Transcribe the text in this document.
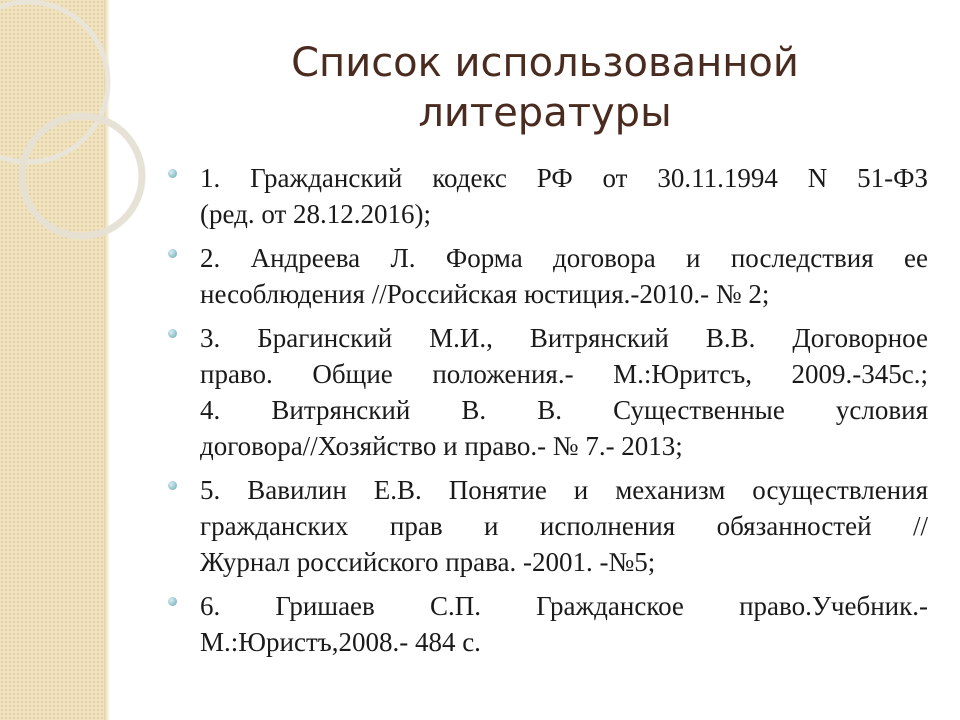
Список использованной
литературы
1. Гражданский кодекс РФ от 30.11.1994 N 51-ФЗ
(ред. от 28.12.2016);
2. Андреева Л. Форма договора и последствия ее
несоблюдения //Российская юстиция.-2010.- № 2;
3. Брагинский М.И., Витрянский В.В. Договорное
право. Общие положения.- М.:Юритсъ, 2009.-345с.;
4. Витрянский В. В. Существенные условия
договора//Хозяйство и право.- № 7.- 2013;
5. Вавилин Е.В. Понятие и механизм осуществления
гражданских прав и исполнения обязанностей //
Журнал российского права. -2001. -№5;
6. Гришаев С.П. Гражданское право.Учебник.-
М.:Юристъ,2008.- 484 с.
